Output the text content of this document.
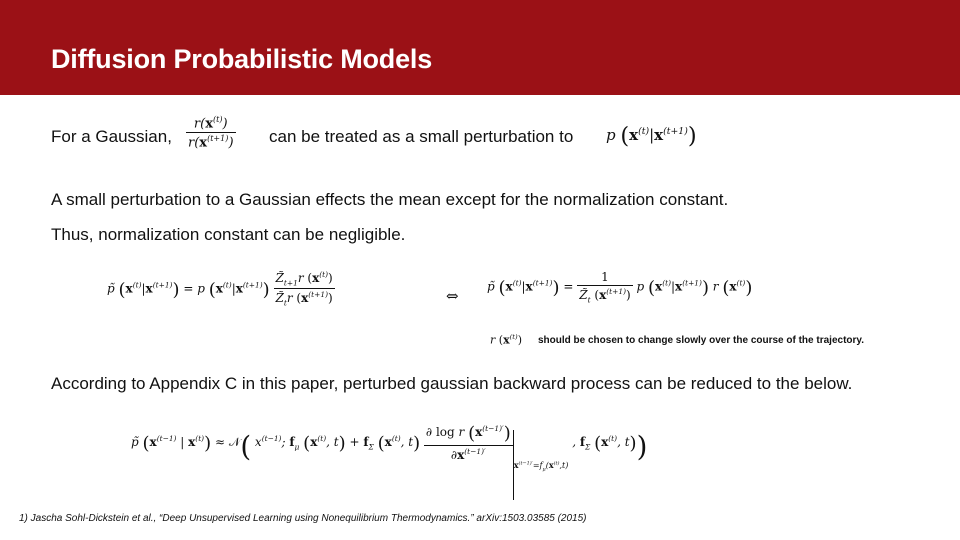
Diffusion Probabilistic Models
For a Gaussian, $\frac{r(x^{(t)})}{r(x^{(t+1)})}$ can be treated as a small perturbation to p $(x^{(t)}|x^{(t+1)})$
A small perturbation to a Gaussian effects the mean except for the normalization constant.
Thus, normalization constant can be negligible.
p̃ $(x^{(t)}|x^{(t+1)}) = p$ $(x^{(t)}|x^{(t+1)}) \frac{Z̃_{t+1}r (x^{(t)})}{Z̃_tr (x^{(t+1)})}$	⇔
p̃ $(x^{(t)}|x^{(t+1)}) = \frac{1}{Z̃_t (x^{(t+1)})}$ p $(x^{(t)}|x^{(t+1)})$ r $(x^{(t)})$
r $(x^{(t)})$ should be chosen to change slowly over the course of the trajectory.
According to Appendix C in this paper, perturbed gaussian backward process can be reduced to the below.
p̃ ($x^{(t-1)}$ | $x^{(t)}$) ≈ 𝒩( $x^{(t-1)}$; $f_\mu$ ($x^{(t)}$, $t) + f_\Sigma$ ($x^{(t)}$, $t) \frac{\partial \log r (x^{(t-1)'})}{\partial x^{(t-1)'}}$
$x^{(t-1)'}=f_\mu(x^{(t)},t)$ , $f_\Sigma$ ($x^{(t)}$, t))
1) Jascha Sohl-Dickstein et al., “Deep Unsupervised Learning using Nonequilibrium Thermodynamics.” arXiv:1503.03585 (2015)
